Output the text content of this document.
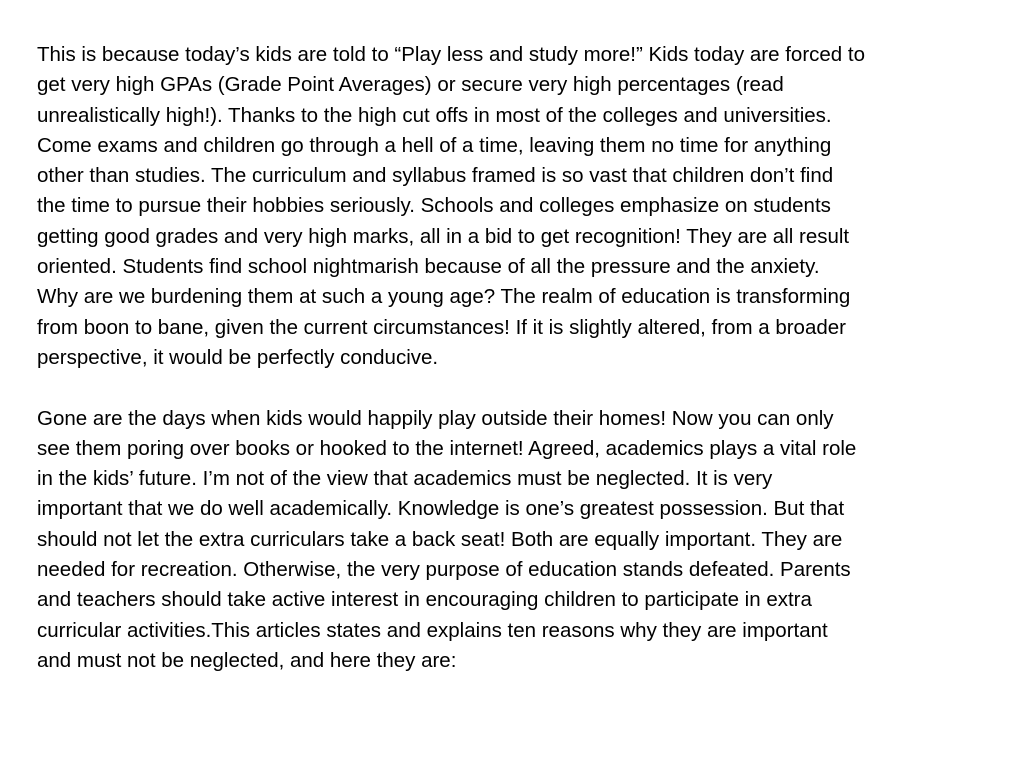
This is because today’s kids are told to “Play less and study more!” Kids today are forced to
get very high GPAs (Grade Point Averages) or secure very high percentages (read
unrealistically high!). Thanks to the high cut offs in most of the colleges and universities.
Come exams and children go through a hell of a time, leaving them no time for anything
other than studies. The curriculum and syllabus framed is so vast that children don’t find
the time to pursue their hobbies seriously. Schools and colleges emphasize on students
getting good grades and very high marks, all in a bid to get recognition! They are all result
oriented. Students find school nightmarish because of all the pressure and the anxiety.
Why are we burdening them at such a young age? The realm of education is transforming
from boon to bane, given the current circumstances! If it is slightly altered, from a broader
perspective, it would be perfectly conducive.
Gone are the days when kids would happily play outside their homes! Now you can only
see them poring over books or hooked to the internet! Agreed, academics plays a vital role
in the kids’ future. I’m not of the view that academics must be neglected. It is very
important that we do well academically. Knowledge is one’s greatest possession. But that
should not let the extra curriculars take a back seat! Both are equally important. They are
needed for recreation. Otherwise, the very purpose of education stands defeated. Parents
and teachers should take active interest in encouraging children to participate in extra
curricular activities.This articles states and explains ten reasons why they are important
and must not be neglected, and here they are:
